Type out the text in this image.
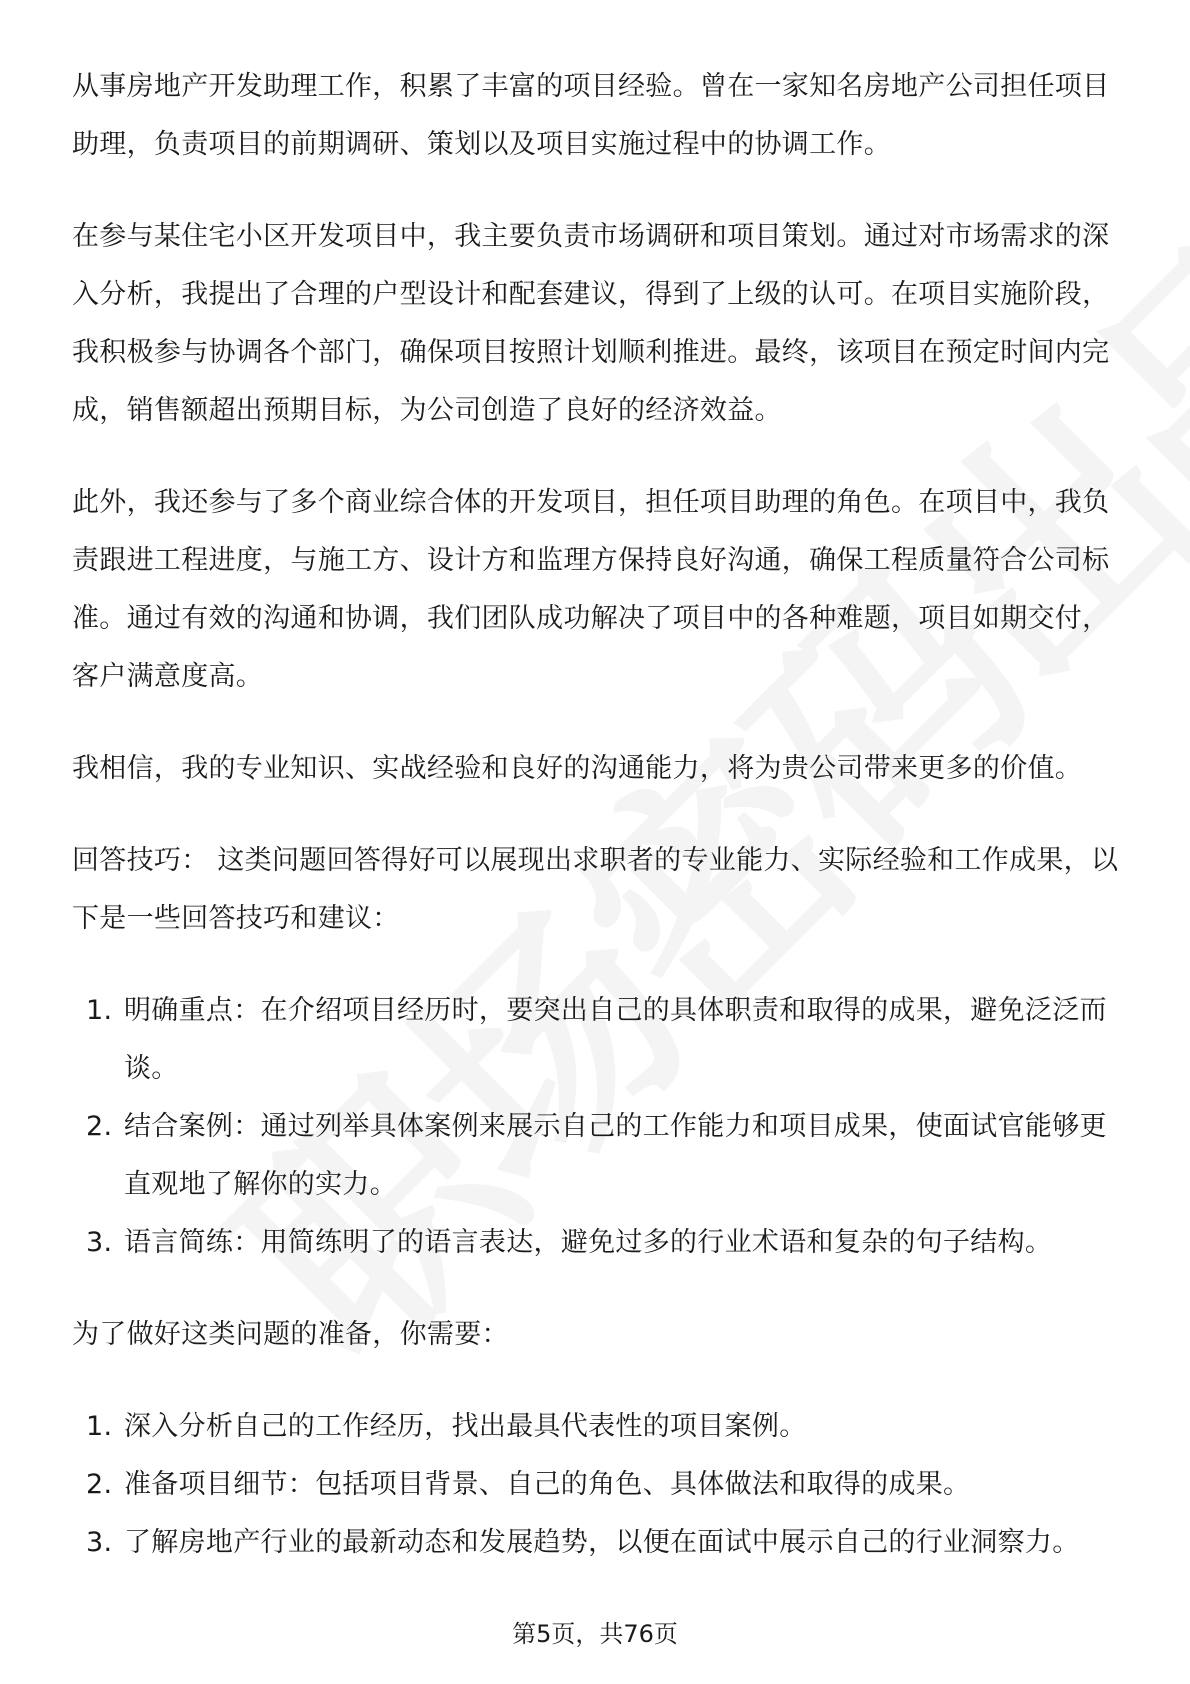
从事房地产开发助理工作，积累了丰富的项目经验。曾在一家知名房地产公司担任项目助理，负责项目的前期调研、策划以及项目实施过程中的协调工作。

在参与某住宅小区开发项目中，我主要负责市场调研和项目策划。通过对市场需求的深入分析，我提出了合理的户型设计和配套建议，得到了上级的认可。在项目实施阶段，我积极参与协调各个部门，确保项目按照计划顺利推进。最终，该项目在预定时间内完成，销售额超出预期目标，为公司创造了良好的经济效益。

此外，我还参与了多个商业综合体的开发项目，担任项目助理的角色。在项目中，我负责跟进工程进度，与施工方、设计方和监理方保持良好沟通，确保工程质量符合公司标准。通过有效的沟通和协调，我们团队成功解决了项目中的各种难题，项目如期交付，客户满意度高。

我相信，我的专业知识、实战经验和良好的沟通能力，将为贵公司带来更多的价值。

回答技巧： 这类问题回答得好可以展现出求职者的专业能力、实际经验和工作成果，以下是一些回答技巧和建议：

1. 明确重点：在介绍项目经历时，要突出自己的具体职责和取得的成果，避免泛泛而谈。
2. 结合案例：通过列举具体案例来展示自己的工作能力和项目成果，使面试官能够更直观地了解你的实力。
3. 语言简练：用简练明了的语言表达，避免过多的行业术语和复杂的句子结构。

为了做好这类问题的准备，你需要：

1. 深入分析自己的工作经历，找出最具代表性的项目案例。
2. 准备项目细节：包括项目背景、自己的角色、具体做法和取得的成果。
3. 了解房地产行业的最新动态和发展趋势，以便在面试中展示自己的行业洞察力。
第5页，共76页
